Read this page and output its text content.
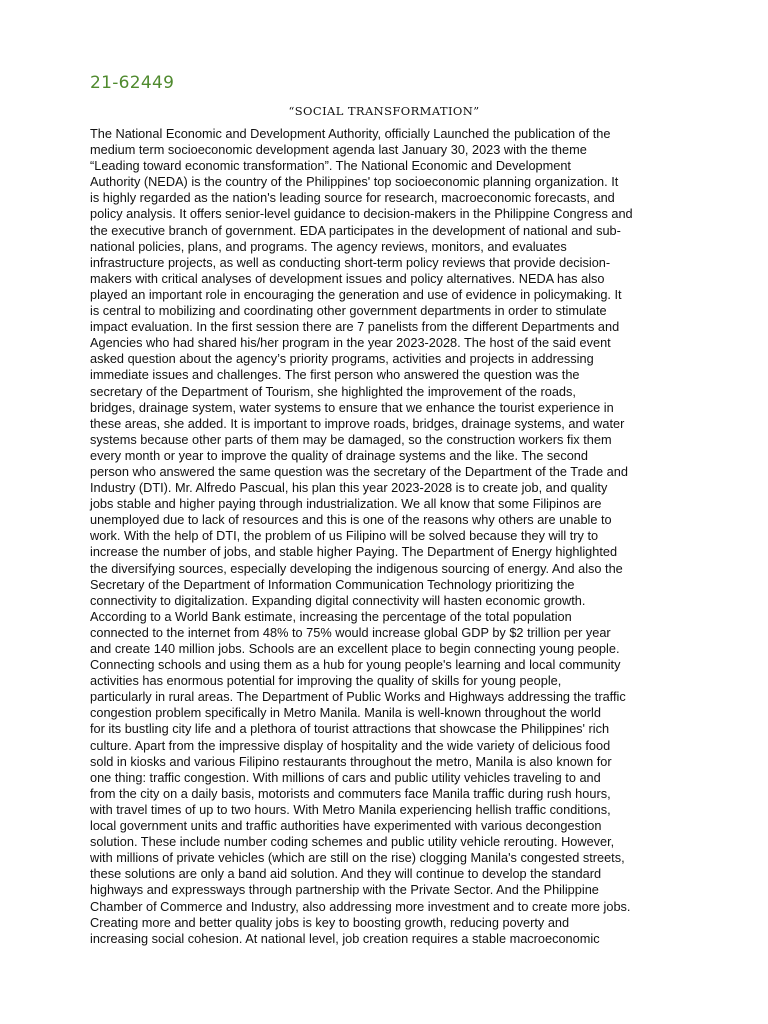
21-62449
“SOCIAL TRANSFORMATION”
The National Economic and Development Authority, officially Launched the publication of the
medium term socioeconomic development agenda last January 30, 2023 with the theme
“Leading toward economic transformation”. The National Economic and Development
Authority (NEDA) is the country of the Philippines' top socioeconomic planning organization. It
is highly regarded as the nation's leading source for research, macroeconomic forecasts, and
policy analysis. It offers senior-level guidance to decision-makers in the Philippine Congress and
the executive branch of government. EDA participates in the development of national and sub-
national policies, plans, and programs. The agency reviews, monitors, and evaluates
infrastructure projects, as well as conducting short-term policy reviews that provide decision-
makers with critical analyses of development issues and policy alternatives. NEDA has also
played an important role in encouraging the generation and use of evidence in policymaking. It
is central to mobilizing and coordinating other government departments in order to stimulate
impact evaluation. In the first session there are 7 panelists from the different Departments and
Agencies who had shared his/her program in the year 2023-2028. The host of the said event
asked question about the agency’s priority programs, activities and projects in addressing
immediate issues and challenges. The first person who answered the question was the
secretary of the Department of Tourism, she highlighted the improvement of the roads,
bridges, drainage system, water systems to ensure that we enhance the tourist experience in
these areas, she added. It is important to improve roads, bridges, drainage systems, and water
systems because other parts of them may be damaged, so the construction workers fix them
every month or year to improve the quality of drainage systems and the like. The second
person who answered the same question was the secretary of the Department of the Trade and
Industry (DTI). Mr. Alfredo Pascual, his plan this year 2023-2028 is to create job, and quality
jobs stable and higher paying through industrialization. We all know that some Filipinos are
unemployed due to lack of resources and this is one of the reasons why others are unable to
work. With the help of DTI, the problem of us Filipino will be solved because they will try to
increase the number of jobs, and stable higher Paying. The Department of Energy highlighted
the diversifying sources, especially developing the indigenous sourcing of energy. And also the
Secretary of the Department of Information Communication Technology prioritizing the
connectivity to digitalization. Expanding digital connectivity will hasten economic growth.
According to a World Bank estimate, increasing the percentage of the total population
connected to the internet from 48% to 75% would increase global GDP by $2 trillion per year
and create 140 million jobs. Schools are an excellent place to begin connecting young people.
Connecting schools and using them as a hub for young people's learning and local community
activities has enormous potential for improving the quality of skills for young people,
particularly in rural areas. The Department of Public Works and Highways addressing the traffic
congestion problem specifically in Metro Manila. Manila is well-known throughout the world
for its bustling city life and a plethora of tourist attractions that showcase the Philippines' rich
culture. Apart from the impressive display of hospitality and the wide variety of delicious food
sold in kiosks and various Filipino restaurants throughout the metro, Manila is also known for
one thing: traffic congestion. With millions of cars and public utility vehicles traveling to and
from the city on a daily basis, motorists and commuters face Manila traffic during rush hours,
with travel times of up to two hours. With Metro Manila experiencing hellish traffic conditions,
local government units and traffic authorities have experimented with various decongestion
solution. These include number coding schemes and public utility vehicle rerouting. However,
with millions of private vehicles (which are still on the rise) clogging Manila's congested streets,
these solutions are only a band aid solution. And they will continue to develop the standard
highways and expressways through partnership with the Private Sector. And the Philippine
Chamber of Commerce and Industry, also addressing more investment and to create more jobs.
Creating more and better quality jobs is key to boosting growth, reducing poverty and
increasing social cohesion. At national level, job creation requires a stable macroeconomic
